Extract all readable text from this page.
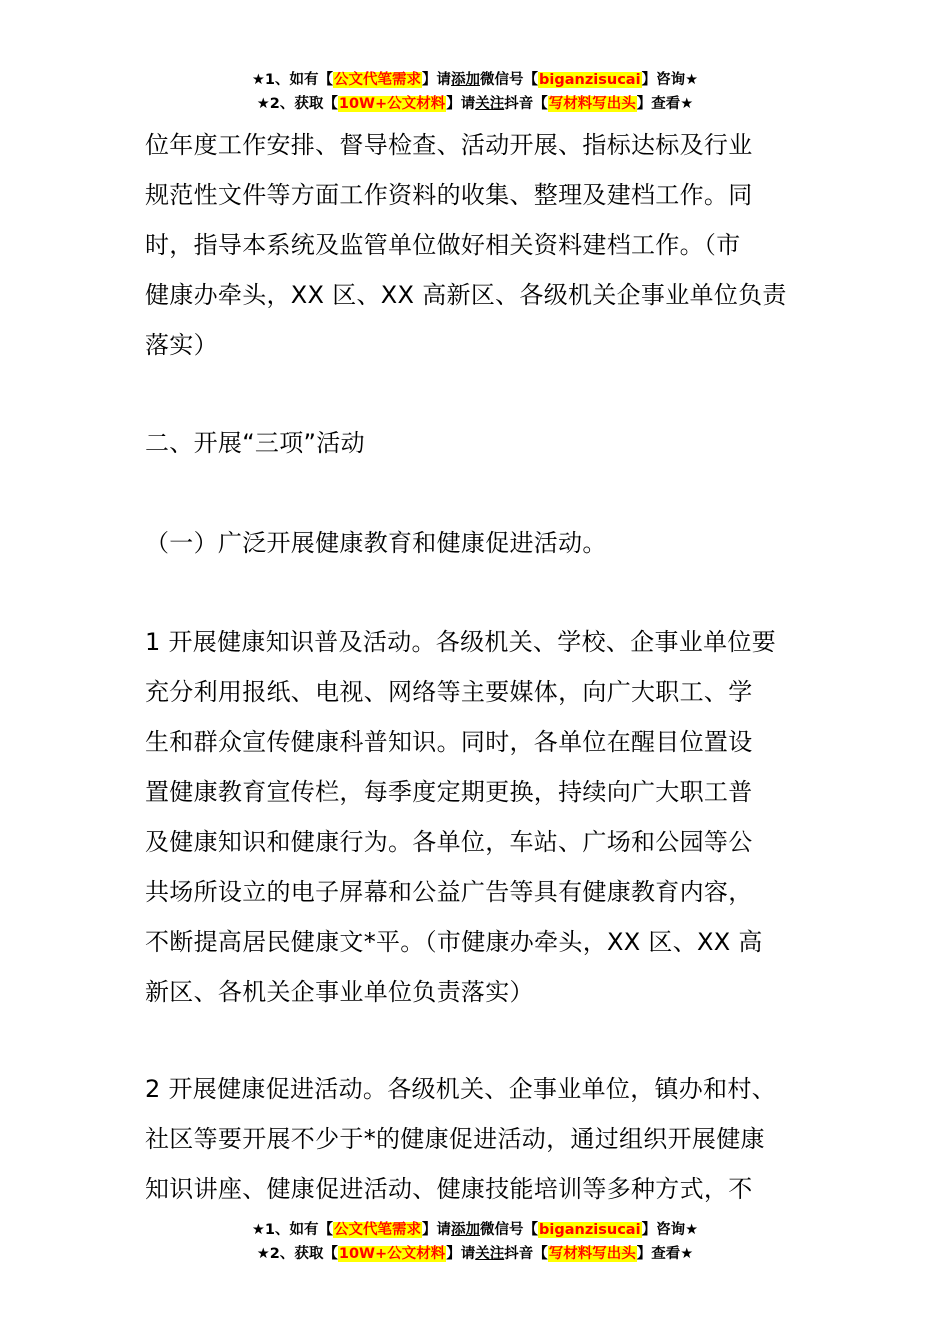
★1、如有【公文代笔需求】请添加微信号【biganzisucai】咨询★
★2、获取【10W+公文材料】请关注抖音【写材料写出头】查看★
位年度工作安排、督导检查、活动开展、指标达标及行业
规范性文件等方面工作资料的收集、整理及建档工作。同
时，指导本系统及监管单位做好相关资料建档工作。（市
健康办牵头，XX 区、XX 高新区、各级机关企事业单位负责
落实）
二、开展“三项”活动
（一）广泛开展健康教育和健康促进活动。
1 开展健康知识普及活动。各级机关、学校、企事业单位要
充分利用报纸、电视、网络等主要媒体，向广大职工、学
生和群众宣传健康科普知识。同时，各单位在醒目位置设
置健康教育宣传栏，每季度定期更换，持续向广大职工普
及健康知识和健康行为。各单位，车站、广场和公园等公
共场所设立的电子屏幕和公益广告等具有健康教育内容，
不断提高居民健康文*平。（市健康办牵头，XX 区、XX 高
新区、各机关企事业单位负责落实）
2 开展健康促进活动。各级机关、企事业单位，镇办和村、
社区等要开展不少于*的健康促进活动，通过组织开展健康
知识讲座、健康促进活动、健康技能培训等多种方式，不
★1、如有【公文代笔需求】请添加微信号【biganzisucai】咨询★
★2、获取【10W+公文材料】请关注抖音【写材料写出头】查看★
